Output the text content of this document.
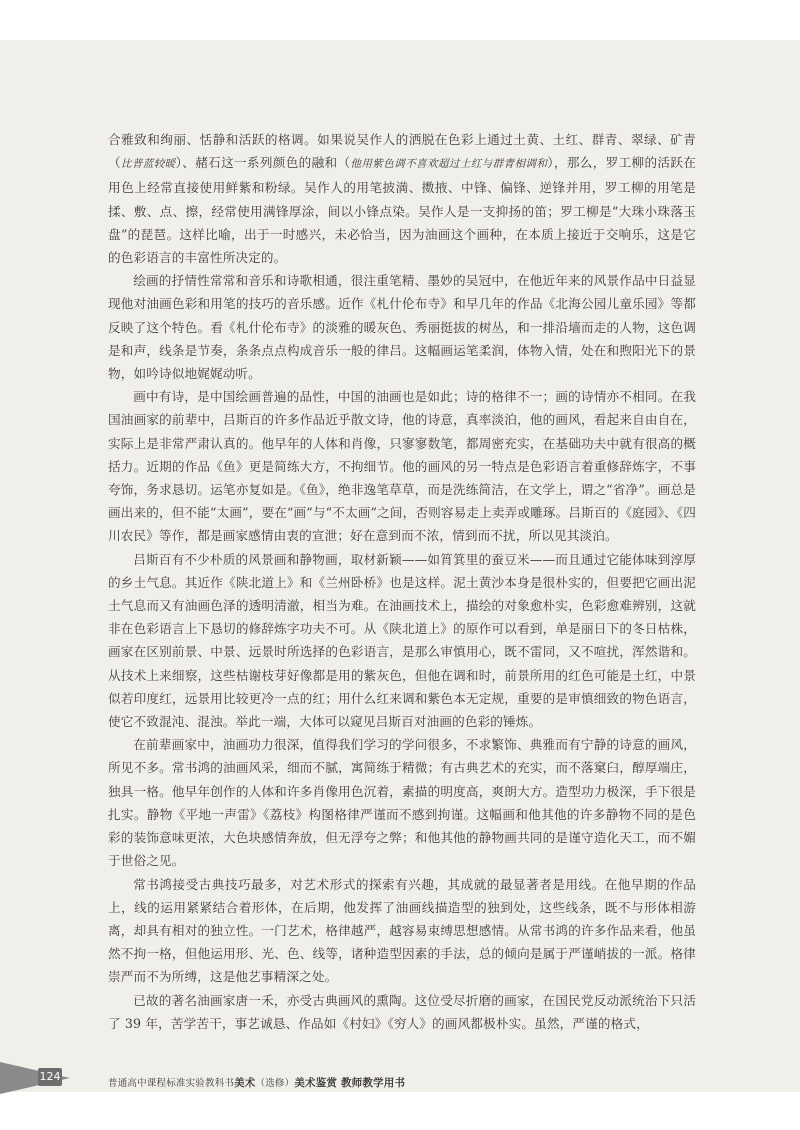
合雅致和绚丽、恬静和活跃的格调。如果说吴作人的洒脱在色彩上通过土黄、土红、群青、翠绿、矿青（比普蓝较暖）、赭石这一系列颜色的融和（他用紫色调不喜欢超过土红与群青相调和），那么，罗工柳的活跃在用色上经常直接使用鲜紫和粉绿。吴作人的用笔披満、擞掖、中锋、偏锋、逆锋并用，罗工柳的用笔是揉、敷、点、擦，经常使用满锋厚涂，间以小锋点染。吴作人是一支抑扬的笛；罗工柳是“大珠小珠落玉盘”的琵琶。这样比喻，出于一时感兴，未必恰当，因为油画这个画种，在本质上接近于交响乐，这是它的色彩语言的丰富性所决定的。

绘画的抒情性常常和音乐和诗歌相通，很注重笔精、墨妙的吴冠中，在他近年来的风景作品中日益显现他对油画色彩和用笔的技巧的音乐感。近作《札什伦布寺》和早几年的作品《北海公园儿童乐园》等都反映了这个特色。看《札什伦布寺》的淡雅的暖灰色、秀丽挺拔的树丛，和一排沿墙而走的人物，这色调是和声，线条是节奏，条条点点构成音乐一般的律吕。这幅画运笔柔润，体物入情，处在和煦阳光下的景物，如吟诗似地娓娓动听。

画中有诗，是中国绘画普遍的品性，中国的油画也是如此；诗的格律不一；画的诗情亦不相同。在我国油画家的前辈中，吕斯百的许多作品近乎散文诗，他的诗意，真率淡泊，他的画风，看起来自由自在，实际上是非常严肃认真的。他早年的人体和肖像，只寥寥数笔，都周密充实，在基础功夫中就有很高的概括力。近期的作品《鱼》更是简练大方，不拘细节。他的画风的另一特点是色彩语言着重修辞炼字，不事夸饰，务求恳切。运笔亦复如是。《鱼》，绝非逸笔草草，而是洗练简洁，在文学上，谓之“省净”。画总是画出来的，但不能“太画”，要在“画”与“不太画”之间，否则容易走上卖弄或雕琢。吕斯百的《庭园》、《四川农民》等作，都是画家感情由衷的宣泄；好在意到而不浓，情到而不扰，所以见其淡泊。

吕斯百有不少朴质的风景画和静物画，取材新颖——如筲箕里的蚕豆米——而且通过它能体味到淳厚的乡土气息。其近作《陕北道上》和《兰州卧桥》也是这样。泥土黄沙本身是很朴实的，但要把它画出泥土气息而又有油画色泽的透明清澈，相当为难。在油画技术上，描绘的对象愈朴实，色彩愈难辨别，这就非在色彩语言上下恳切的修辞炼字功夫不可。从《陕北道上》的原作可以看到，单是丽日下的冬日枯株，画家在区别前景、中景、远景时所选择的色彩语言，是那么审慎用心，既不雷同，又不喧扰，浑然谐和。从技术上来细察，这些枯谢枝芽好像都是用的紫灰色，但他在调和时，前景所用的红色可能是土红，中景似若印度红，远景用比较更冷一点的红；用什么红来调和紫色本无定规，重要的是审慎细致的物色语言，使它不致混沌、混浊。举此一端，大体可以窥见吕斯百对油画的色彩的锤炼。

在前辈画家中，油画功力很深，值得我们学习的学问很多，不求繁饰、典雅而有宁静的诗意的画风，所见不多。常书鸿的油画风采，细而不腻，寓简练于精微；有古典艺术的充实，而不落窠臼，醇厚端庄，独具一格。他早年创作的人体和许多肖像用色沉着，素描的明度高，爽朗大方。造型功力极深，手下很是扎实。静物《平地一声雷》《荔枝》构图格律严谨而不感到拘谨。这幅画和他其他的许多静物不同的是色彩的装饰意味更浓，大色块感情奔放，但无浮夸之弊；和他其他的静物画共同的是谨守造化天工，而不媚于世俗之见。

常书鸿接受古典技巧最多，对艺术形式的探索有兴趣，其成就的最显著者是用线。在他早期的作品上，线的运用紧紧结合着形体，在后期，他发挥了油画线描造型的独到处，这些线条，既不与形体相游离，却具有相对的独立性。一门艺术，格律越严，越容易束缚思想感情。从常书鸿的许多作品来看，他虽然不拘一格，但他运用形、光、色、线等，诸种造型因素的手法，总的倾向是属于严谨峭拔的一派。格律崇严而不为所缚，这是他艺事精深之处。

已故的著名油画家唐一禾，亦受古典画风的熏陶。这位受尽折磨的画家，在国民党反动派统治下只活了 39 年，苦学苦干，事艺诚恳、作品如《村妇》《穷人》的画风都极朴实。虽然，严谨的格式，

124
普通高中课程标准实验教科书美术（选修）美术鉴赏 教师教学用书
